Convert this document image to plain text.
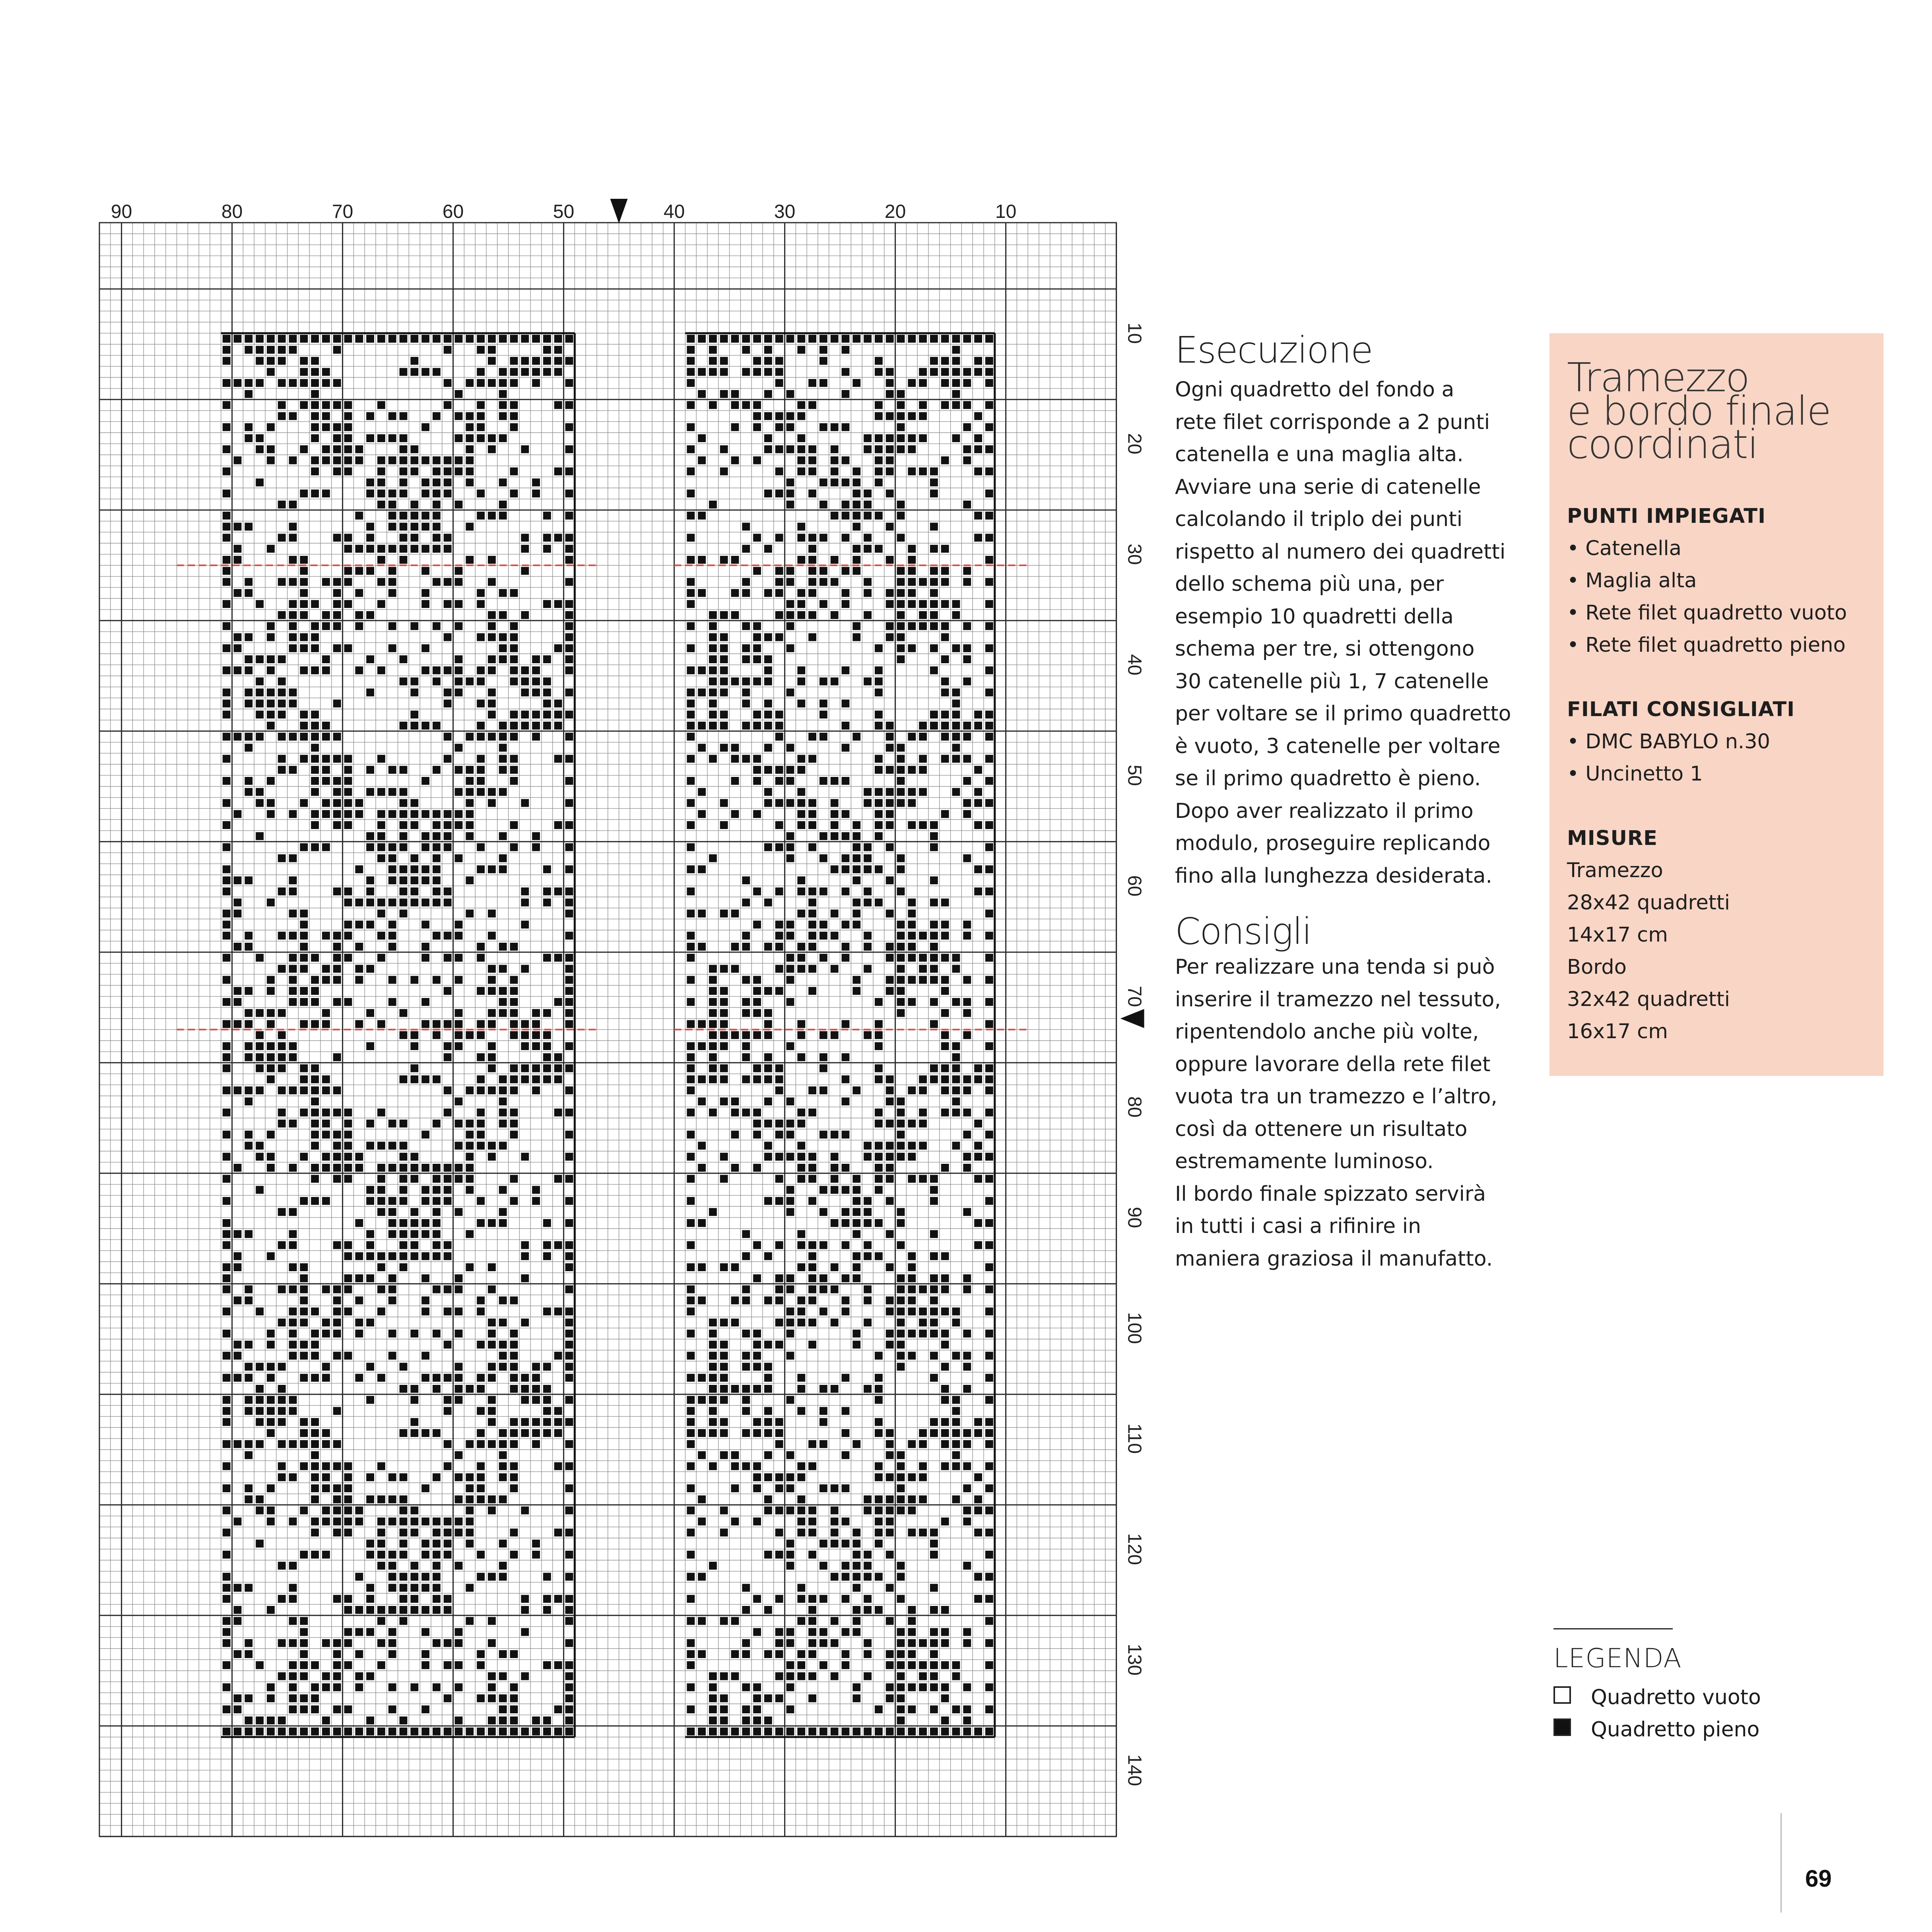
90	80	70	60	50	40	30	20	10
10
20
30
40
50
60
70
80
90
100
110
120
130
140
Esecuzione
Ogni quadretto del fondo a
rete filet corrisponde a 2 punti
catenella e una maglia alta.
Avviare una serie di catenelle
calcolando il triplo dei punti
rispetto al numero dei quadretti
dello schema più una, per
esempio 10 quadretti della
schema per tre, si ottengono
30 catenelle più 1, 7 catenelle
per voltare se il primo quadretto
è vuoto, 3 catenelle per voltare
se il primo quadretto è pieno.
Dopo aver realizzato il primo
modulo, proseguire replicando
fino alla lunghezza desiderata.
Consigli
Per realizzare una tenda si può
inserire il tramezzo nel tessuto,
ripentendolo anche più volte,
oppure lavorare della rete filet
vuota tra un tramezzo e l’altro,
così da ottenere un risultato
estremamente luminoso.
Il bordo finale spizzato servirà
in tutti i casi a rifinire in
maniera graziosa il manufatto.
Tramezzo
e bordo finale
coordinati

PUNTI IMPIEGATI

• Catenella

• Maglia alta

• Rete filet quadretto vuoto

• Rete filet quadretto pieno

FILATI CONSIGLIATI

• DMC BABYLO n.30

• Uncinetto 1

MISURE

Tramezzo

28x42 quadretti

14x17 cm

Bordo

32x42 quadretti

16x17 cm

LEGENDA

Quadretto vuoto
Quadretto pieno
69
